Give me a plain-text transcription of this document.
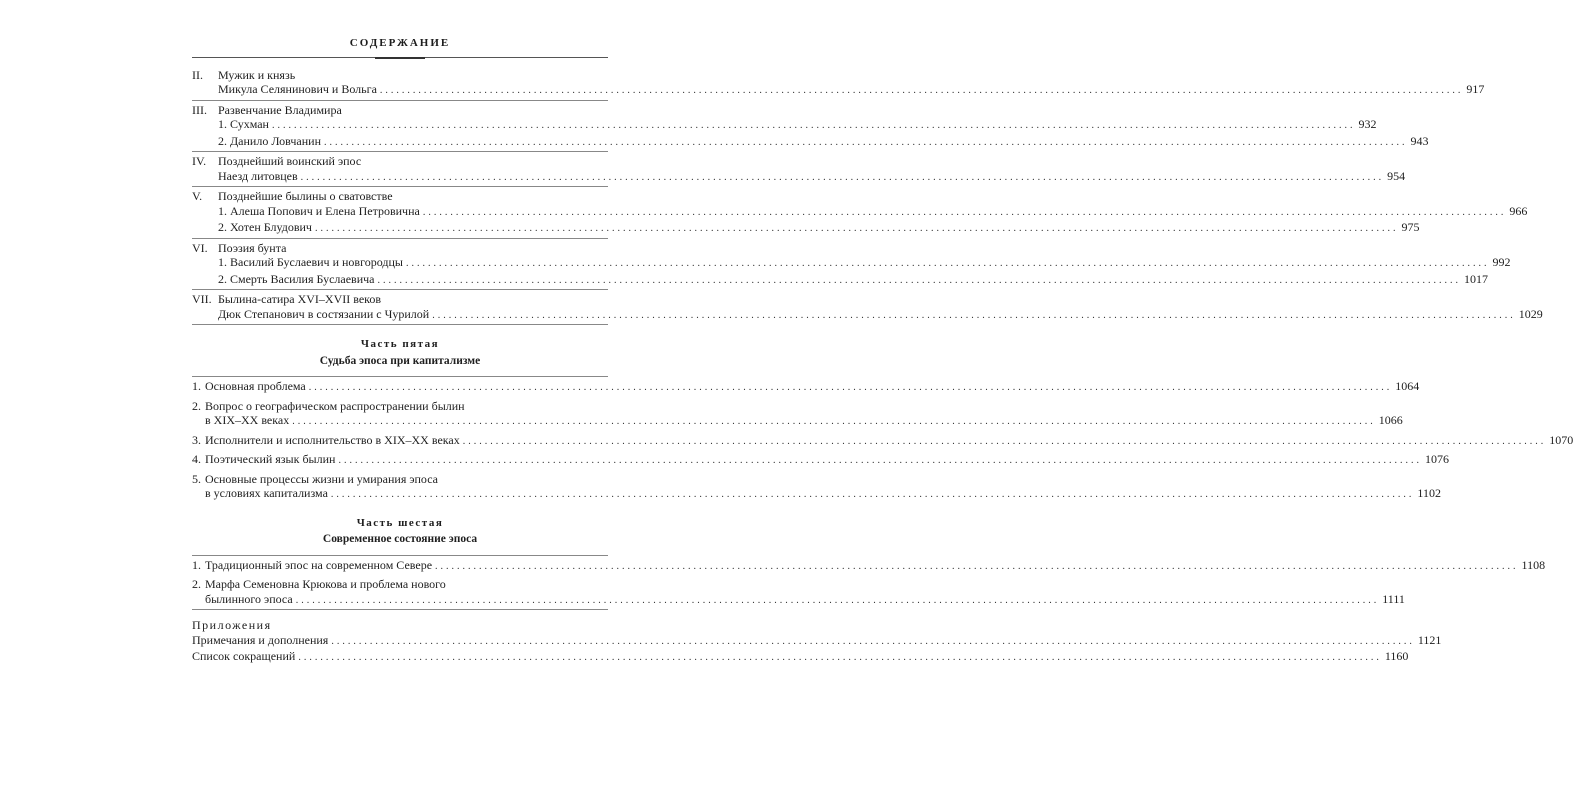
СОДЕРЖАНИЕ
II.	Мужик и князь
Микула Селянинович и Вольга .....	917
III. Развенчание Владимира
1. Сухман .....	932
2. Данило Ловчанин .....	943
IV. Позднейший воинский эпос
Наезд литовцев .....	954
V.	Позднейшие былины о сватовстве
1. Алеша Попович и Елена Петровична .....	966
2. Хотен Блудович .....	975
VI. Поэзия бунта
1. Василий Буслаевич и новгородцы .....	992
2. Смерть Василия Буслаевича .....	1017
VII. Былина-сатира XVI–XVII веков
Дюк Степанович в состязании с Чурилой .....	1029
Часть пятая
Судьба эпоса при капитализме
1. Основная проблема .....	1064
2. Вопрос о географическом распространении былин
в XIX–XX веках .....	1066
3. Исполнители и исполнительство в XIX–XX веках .....	1070
4. Поэтический язык былин .....	1076
5. Основные процессы жизни и умирания эпоса
в условиях капитализма .....	1102
Часть шестая
Современное состояние эпоса
1. Традиционный эпос на современном Севере .....	1108
2. Марфа Семеновна Крюкова и проблема нового
былинного эпоса .....	1111
Приложения
Примечания и дополнения .....	1121
Список сокращений .....	1160
